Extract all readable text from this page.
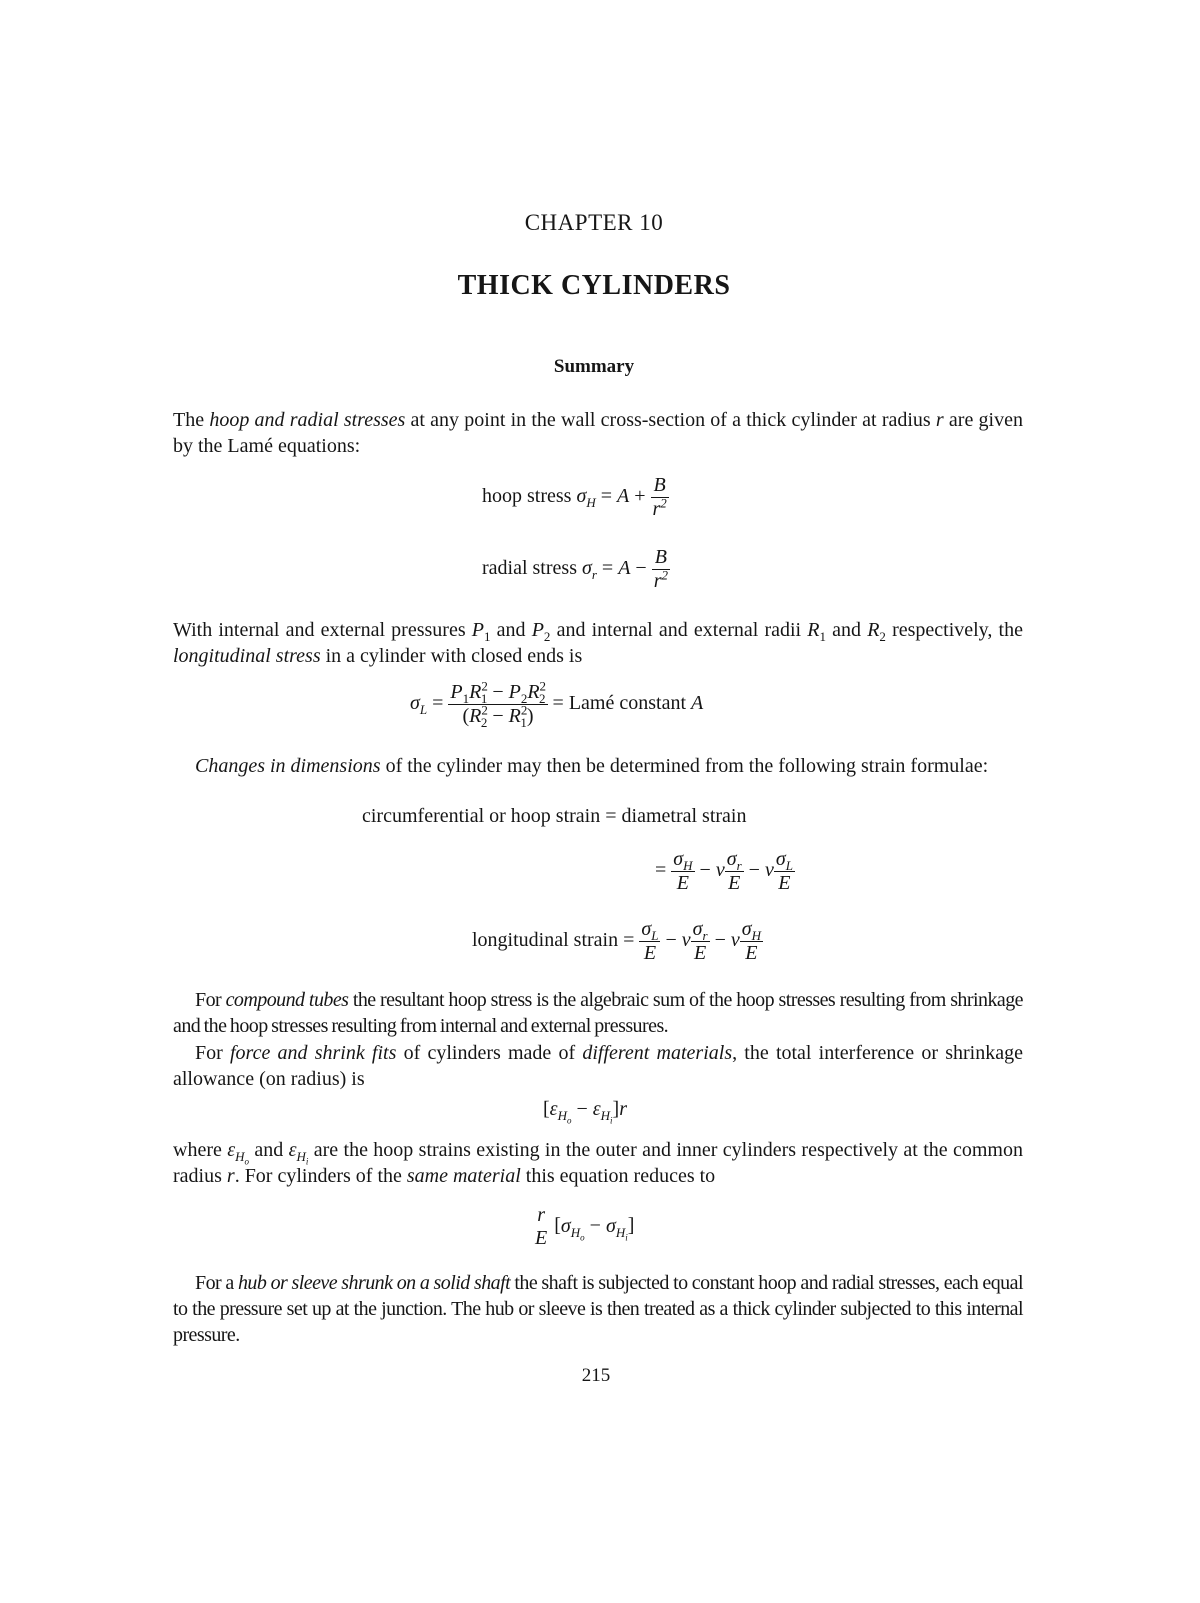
CHAPTER 10
THICK CYLINDERS
Summary
The hoop and radial stresses at any point in the wall cross-section of a thick cylinder at radius r are given by the Lamé equations:
hoop stress $\sigma_H = A + \frac{B}{r^2}$
radial stress $\sigma_r = A - \frac{B}{r^2}$
With internal and external pressures $P_1$ and $P_2$ and internal and external radii $R_1$ and $R_2$ respectively, the longitudinal stress in a cylinder with closed ends is
$\sigma_L = \frac{P_1R^2_1 - P_2R^2_2}{(R^2_2 - R^2_1)}$ = Lamé constant A
Changes in dimensions of the cylinder may then be determined from the following strain formulae:
circumferential or hoop strain = diametral strain
= $\frac{\sigma_H}{E} - \nu \frac{\sigma_r}{E} - \nu \frac{\sigma_L}{E}$
longitudinal strain = $\frac{\sigma_L}{E} - \nu \frac{\sigma_r}{E} - \nu \frac{\sigma_H}{E}$
For compound tubes the resultant hoop stress is the algebraic sum of the hoop stresses resulting from shrinkage and the hoop stresses resulting from internal and external pressures.
For force and shrink fits of cylinders made of different materials, the total interference or shrinkage allowance (on radius) is
$[\varepsilon_{H_o} - \varepsilon_{H_i}]r$
where $\varepsilon_{H_o}$ and $\varepsilon_{H_i}$ are the hoop strains existing in the outer and inner cylinders respectively at the common radius r. For cylinders of the same material this equation reduces to
r
E
$[\sigma_{H_o} - \sigma_{H_i}]$
For a hub or sleeve shrunk on a solid shaft the shaft is subjected to constant hoop and radial stresses, each equal to the pressure set up at the junction. The hub or sleeve is then treated as a thick cylinder subjected to this internal pressure.
215
